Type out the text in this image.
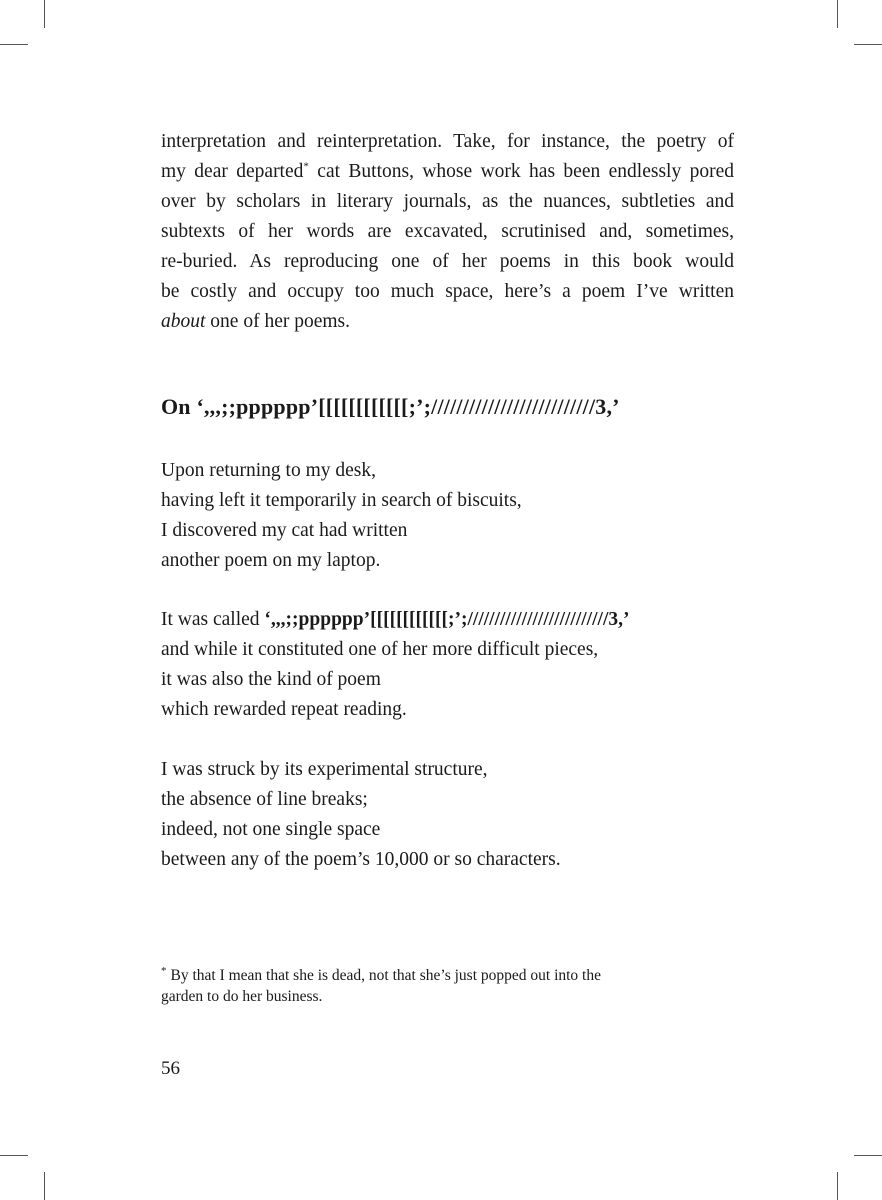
interpretation and reinterpretation. Take, for instance, the poetry of
my dear departed* cat Buttons, whose work has been endlessly pored
over by scholars in literary journals, as the nuances, subtleties and
subtexts of her words are excavated, scrutinised and, sometimes,
re-buried. As reproducing one of her poems in this book would
be costly and occupy too much space, here’s a poem I’ve written
about one of her poems.
On ‘,,,;;pppppp’[[[[[[[[[[[[;’;//////////////////////////3,’
Upon returning to my desk,
having left it temporarily in search of biscuits,
I discovered my cat had written
another poem on my laptop.
It was called ‘,,,;;pppppp’[[[[[[[[[[[[;’;//////////////////////////3,’
and while it constituted one of her more difficult pieces,
it was also the kind of poem
which rewarded repeat reading.
I was struck by its experimental structure,
the absence of line breaks;
indeed, not one single space
between any of the poem’s 10,000 or so characters.
* By that I mean that she is dead, not that she’s just popped out into the
garden to do her business.
56
